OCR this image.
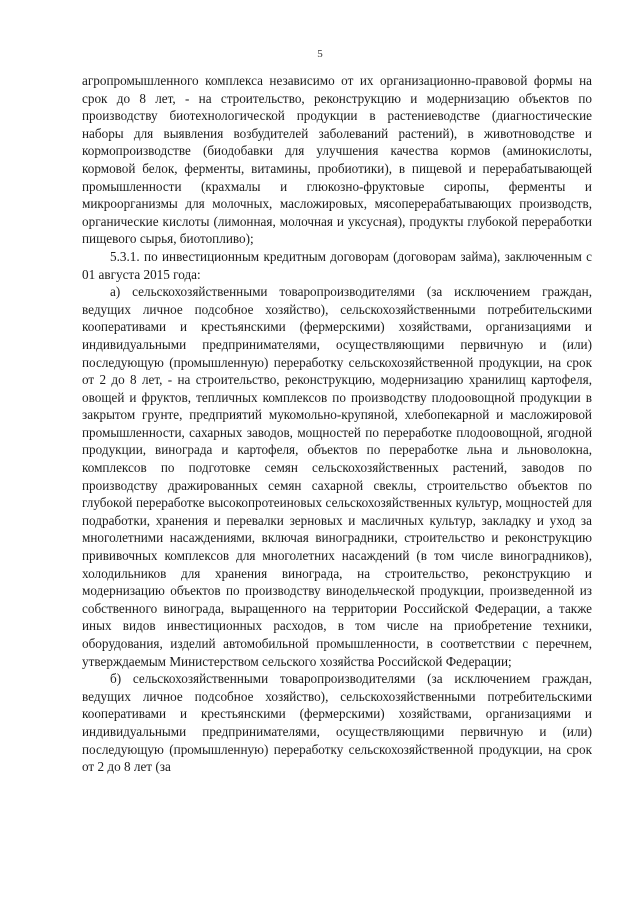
5

агропромышленного комплекса независимо от их организационно-правовой формы на срок до 8 лет, - на строительство, реконструкцию и модернизацию объектов по производству биотехнологической продукции в растениеводстве (диагностические наборы для выявления возбудителей заболеваний растений), в животноводстве и кормопроизводстве (биодобавки для улучшения качества кормов (аминокислоты, кормовой белок, ферменты, витамины, пробиотики), в пищевой и перерабатывающей промышленности (крахмалы и глюкозно-фруктовые сиропы, ферменты и микроорганизмы для молочных, масложировых, мясоперерабатывающих производств, органические кислоты (лимонная, молочная и уксусная), продукты глубокой переработки пищевого сырья, биотопливо);

5.3.1. по инвестиционным кредитным договорам (договорам займа), заключенным с 01 августа 2015 года:

а) сельскохозяйственными товаропроизводителями (за исключением граждан, ведущих личное подсобное хозяйство), сельскохозяйственными потребительскими кооперативами и крестьянскими (фермерскими) хозяйствами, организациями и индивидуальными предпринимателями, осуществляющими первичную и (или) последующую (промышленную) переработку сельскохозяйственной продукции, на срок от 2 до 8 лет, - на строительство, реконструкцию, модернизацию хранилищ картофеля, овощей и фруктов, тепличных комплексов по производству плодоовощной продукции в закрытом грунте, предприятий мукомольно-крупяной, хлебопекарной и масложировой промышленности, сахарных заводов, мощностей по переработке плодоовощной, ягодной продукции, винограда и картофеля, объектов по переработке льна и льноволокна, комплексов по подготовке семян сельскохозяйственных растений, заводов по производству дражированных семян сахарной свеклы, строительство объектов по глубокой переработке высокопротеиновых сельскохозяйственных культур, мощностей для подработки, хранения и перевалки зерновых и масличных культур, закладку и уход за многолетними насаждениями, включая виноградники, строительство и реконструкцию прививочных комплексов для многолетних насаждений (в том числе виноградников), холодильников для хранения винограда, на строительство, реконструкцию и модернизацию объектов по производству винодельческой продукции, произведенной из собственного винограда, выращенного на территории Российской Федерации, а также иных видов инвестиционных расходов, в том числе на приобретение техники, оборудования, изделий автомобильной промышленности, в соответствии с перечнем, утверждаемым Министерством сельского хозяйства Российской Федерации;

б) сельскохозяйственными товаропроизводителями (за исключением граждан, ведущих личное подсобное хозяйство), сельскохозяйственными потребительскими кооперативами и крестьянскими (фермерскими) хозяйствами, организациями и индивидуальными предпринимателями, осуществляющими первичную и (или) последующую (промышленную) переработку сельскохозяйственной продукции, на срок от 2 до 8 лет (за
